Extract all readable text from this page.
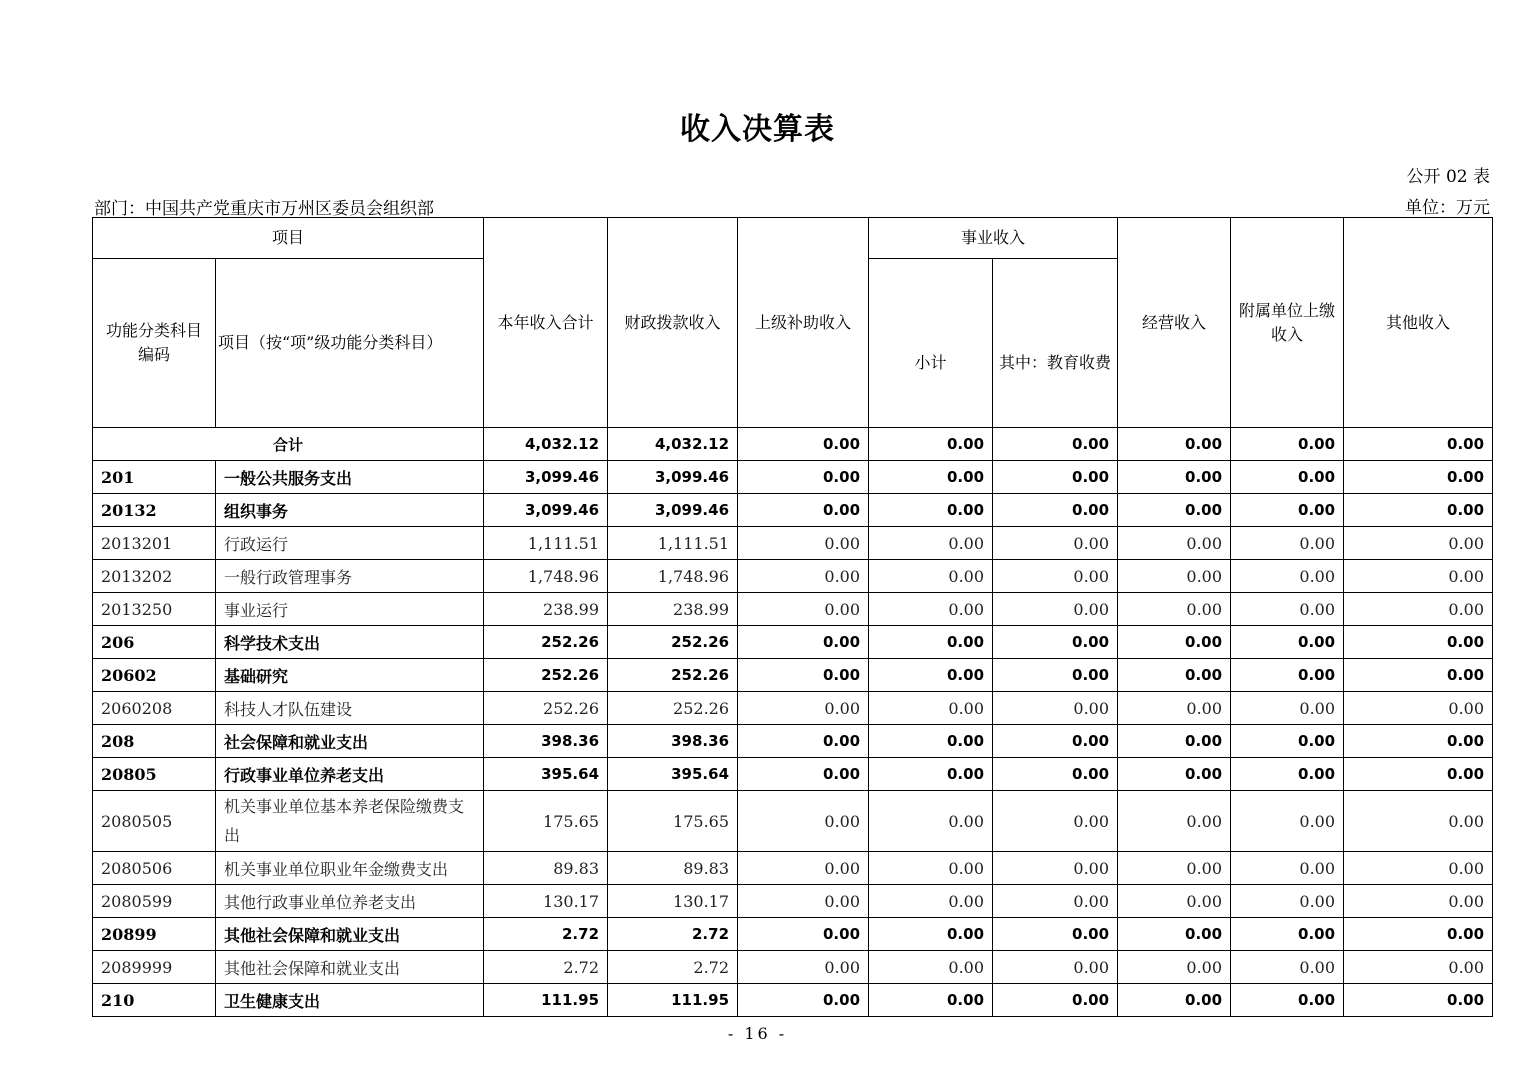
收入决算表
公开 02 表
部门：中国共产党重庆市万州区委员会组织部	单位：万元
项目		本年收入合计	财政拨款收入	上级补助收入	事业收入		经营收入	附属单位上缴收入	其他收入
功能分类科目编码	项目（按“项”级功能分类科目）				小计	其中：教育收费			
合计		4,032.12	4,032.12	0.00	0.00	0.00	0.00	0.00	0.00
201	一般公共服务支出	3,099.46	3,099.46	0.00	0.00	0.00	0.00	0.00	0.00
20132	组织事务	3,099.46	3,099.46	0.00	0.00	0.00	0.00	0.00	0.00
2013201	行政运行	1,111.51	1,111.51	0.00	0.00	0.00	0.00	0.00	0.00
2013202	一般行政管理事务	1,748.96	1,748.96	0.00	0.00	0.00	0.00	0.00	0.00
2013250	事业运行	238.99	238.99	0.00	0.00	0.00	0.00	0.00	0.00
206	科学技术支出	252.26	252.26	0.00	0.00	0.00	0.00	0.00	0.00
20602	基础研究	252.26	252.26	0.00	0.00	0.00	0.00	0.00	0.00
2060208	科技人才队伍建设	252.26	252.26	0.00	0.00	0.00	0.00	0.00	0.00
208	社会保障和就业支出	398.36	398.36	0.00	0.00	0.00	0.00	0.00	0.00
20805	行政事业单位养老支出	395.64	395.64	0.00	0.00	0.00	0.00	0.00	0.00
2080505	机关事业单位基本养老保险缴费支出	175.65	175.65	0.00	0.00	0.00	0.00	0.00	0.00
2080506	机关事业单位职业年金缴费支出	89.83	89.83	0.00	0.00	0.00	0.00	0.00	0.00
2080599	其他行政事业单位养老支出	130.17	130.17	0.00	0.00	0.00	0.00	0.00	0.00
20899	其他社会保障和就业支出	2.72	2.72	0.00	0.00	0.00	0.00	0.00	0.00
2089999	其他社会保障和就业支出	2.72	2.72	0.00	0.00	0.00	0.00	0.00	0.00
210	卫生健康支出	111.95	111.95	0.00	0.00	0.00	0.00	0.00	0.00
- 16 -
